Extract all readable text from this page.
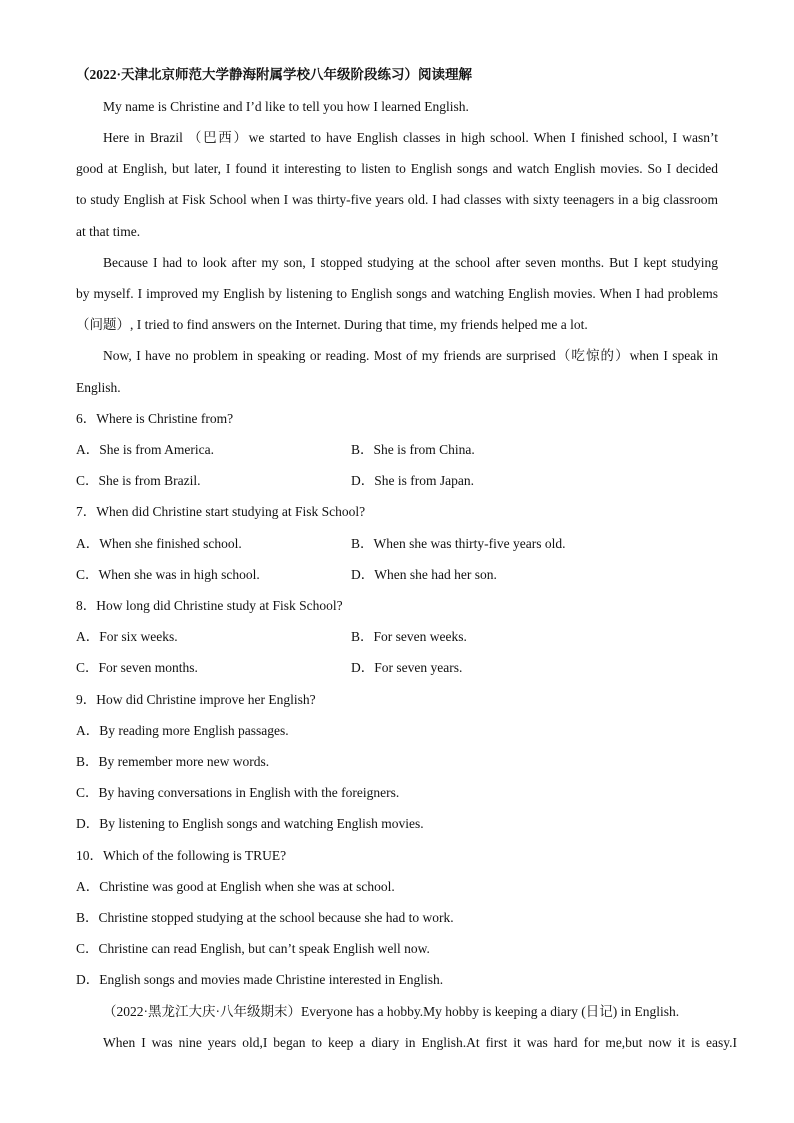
（2022·天津北京师范大学静海附属学校八年级阶段练习）阅读理解
My name is Christine and I’d like to tell you how I learned English.
Here in Brazil （巴西）we started to have English classes in high school. When I finished school, I wasn’t
good at English, but later, I found it interesting to listen to English songs and watch English movies. So I decided
to study English at Fisk School when I was thirty-five years old. I had classes with sixty teenagers in a big classroom
at that time.
Because I had to look after my son, I stopped studying at the school after seven months. But I kept studying
by myself. I improved my English by listening to English songs and watching English movies. When I had problems
（问题）, I tried to find answers on the Internet. During that time, my friends helped me a lot.
Now, I have no problem in speaking or reading. Most of my friends are surprised（吃惊的）when I speak in
English.
6．Where is Christine from?
A．She is from America.	B．She is from China.
C．She is from Brazil.	D．She is from Japan.
7．When did Christine start studying at Fisk School?
A．When she finished school.	B．When she was thirty-five years old.
C．When she was in high school.	D．When she had her son.
8．How long did Christine study at Fisk School?
A．For six weeks.	B．For seven weeks.
C．For seven months.	D．For seven years.
9．How did Christine improve her English?
A．By reading more English passages.
B．By remember more new words.
C．By having conversations in English with the foreigners.
D．By listening to English songs and watching English movies.
10．Which of the following is TRUE?
A．Christine was good at English when she was at school.
B．Christine stopped studying at the school because she had to work.
C．Christine can read English, but can’t speak English well now.
D．English songs and movies made Christine interested in English.
（2022·黑龙江大庆·八年级期末）Everyone has a hobby.My hobby is keeping a diary (日记) in English.
When I was nine years old,I began to keep a diary in English.At first it was hard for me,but now it is easy.I
